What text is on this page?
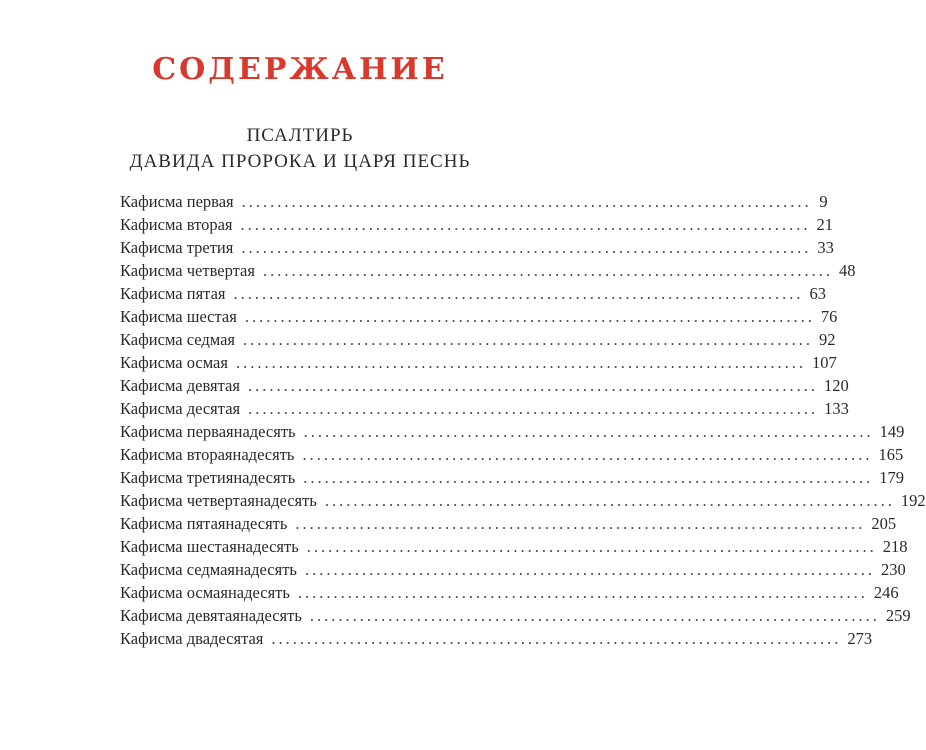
СОДЕРЖАНИЕ
ПСАЛТИРЬ
ДАВИДА ПРОРОКА И ЦАРЯ ПЕСНЬ
Кафисма первая ................................................................................ 9
Кафисма вторая ................................................................................ 21
Кафисма третия ................................................................................ 33
Кафисма четвертая ................................................................................ 48
Кафисма пятая ................................................................................ 63
Кафисма шестая ................................................................................ 76
Кафисма седмая ................................................................................ 92
Кафисма осмая ................................................................................ 107
Кафисма девятая ................................................................................ 120
Кафисма десятая ................................................................................ 133
Кафисма перваянадесять ................................................................................ 149
Кафисма втораянадесять ................................................................................ 165
Кафисма третиянадесять ................................................................................ 179
Кафисма четвертаянадесять ................................................................................ 192
Кафисма пятаянадесять ................................................................................ 205
Кафисма шестаянадесять ................................................................................ 218
Кафисма седмаянадесять ................................................................................ 230
Кафисма осмаянадесять ................................................................................ 246
Кафисма девятаянадесять ................................................................................ 259
Кафисма двадесятая ................................................................................ 273
